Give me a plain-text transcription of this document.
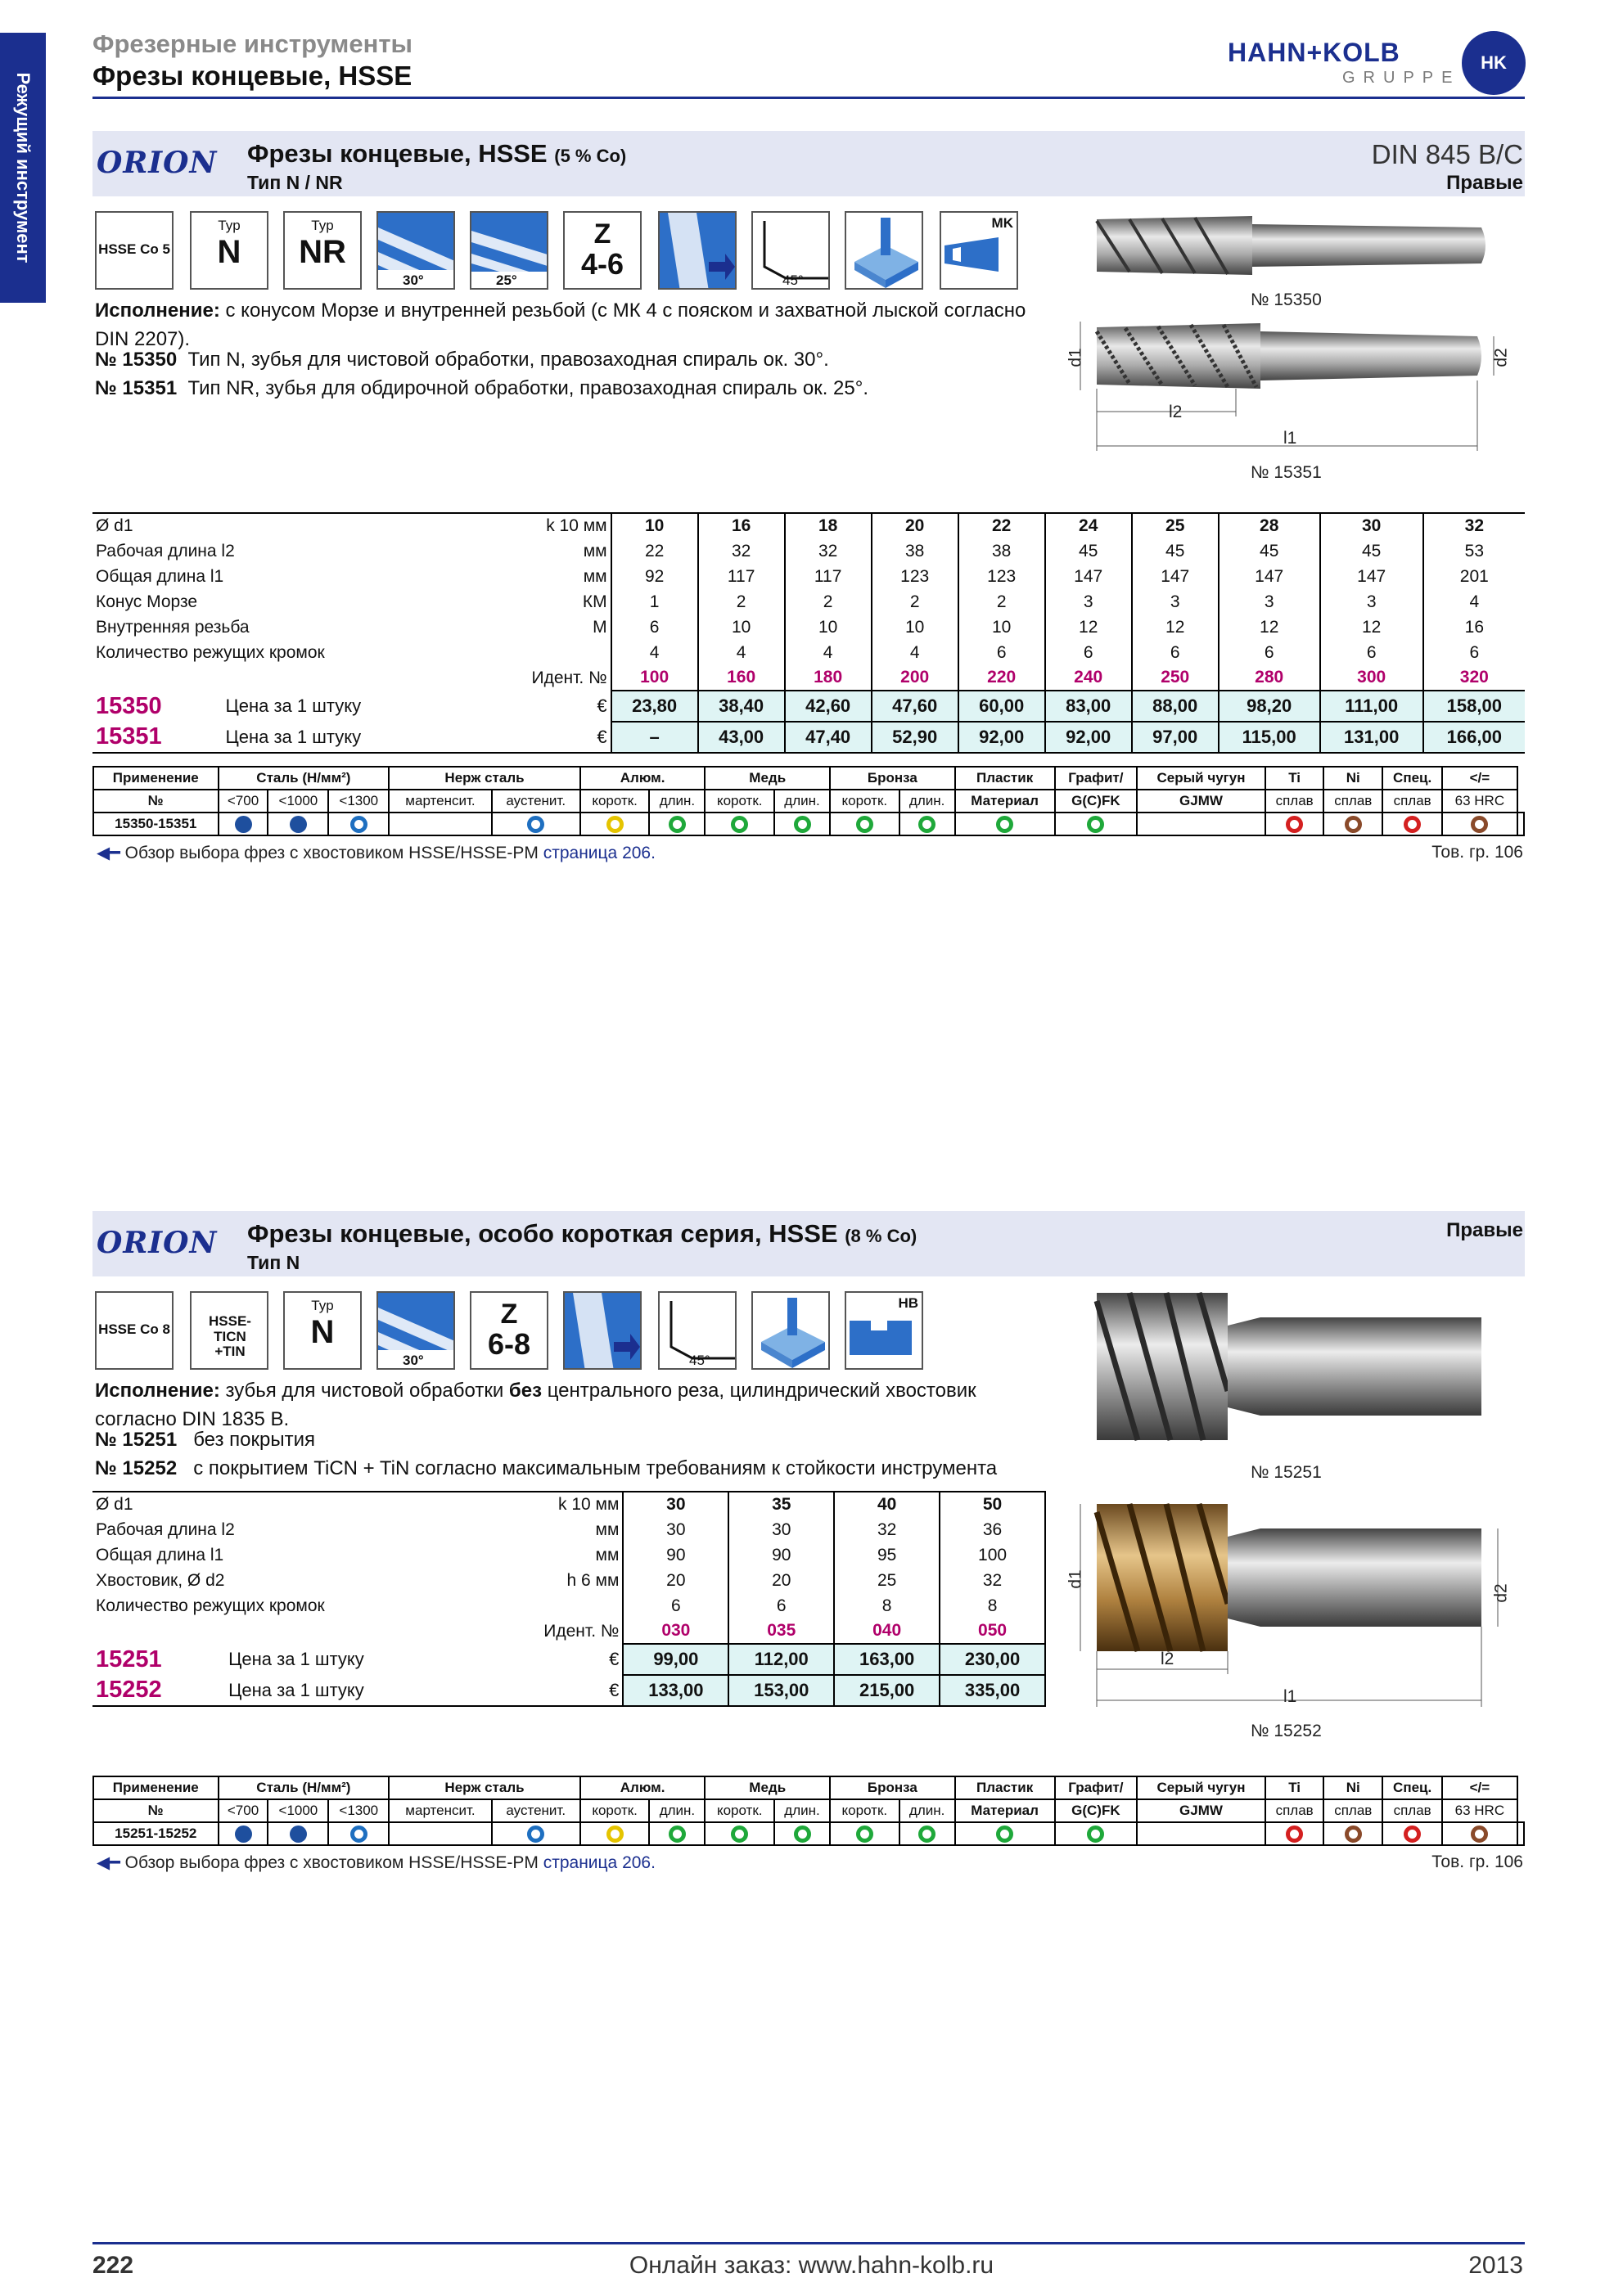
Режущий инструмент
Фрезерные инструменты
Фрезы концевые, HSSE
HAHN+KOLB
GRUPPE
HK
ORION Фрезы концевые, HSSE (5 % Co)
Тип N / NR
DIN 845 B/C
Правые
HSSE Co 5
Typ
N
Typ
NR
30°	25°
Z
4-6	45°
MK
№ 15350
d1	d2
l2
l1
№ 15351
Исполнение: с конусом Морзе и внутренней резьбой (с МК 4 с пояском и захватной лыской согласно DIN 2207).
№ 15350 Тип N, зубья для чистовой обработки, правозаходная спираль ок. 30°.
№ 15351 Тип NR, зубья для обдирочной обработки, правозаходная спираль ок. 25°.
Ø d1		k 10 мм	10	16	18	20	22	24	25	28	30	32
Рабочая длина l2		мм	22	32	32	38	38	45	45	45	45	53
Общая длина l1		мм	92	117	117	123	123	147	147	147	147	201
Конус Морзе		КМ	1	2	2	2	2	3	3	3	3	4
Внутренняя резьба		M	6	10	10	10	10	12	12	12	12	16
Количество режущих кромок			4	4	4	4	6	6	6	6	6	6
		Идент. №	100	160	180	200	220	240	250	280	300	320
15350	Цена за 1 штуку	€	23,80	38,40	42,60	47,60	60,00	83,00	88,00	98,20	111,00	158,00
15351	Цена за 1 штуку	€	–	43,00	47,40	52,90	92,00	92,00	97,00	115,00	131,00	166,00
Применение	Сталь (Н/мм²)			Нерж сталь		Алюм.		Медь		Бронза		Пластик	Графит/	Серый чугун	Ti	Ni	Спец.	</=	
№	<700	<1000	<1300	мартенсит.	аустенит.	коротк.	длин.	коротк.	длин.	коротк.	длин.	Материал	G(C)FK	GJMW	сплав	сплав	сплав	63 HRC	
15350-15351																			
◀━ Обзор выбора фрез с хвостовиком HSSE/HSSE-PM страница 206.	Тов. гр. 106
ORION Фрезы концевые, особо короткая серия, HSSE (8 % Co)
Тип N
Правые
HSSE Co 8
HSSE-TICN +TIN
Typ
N
30°
Z
6-8	45°
HB
№ 15251
d1
d2
l2
l1
№ 15252
Исполнение: зубья для чистовой обработки без центрального реза, цилиндрический хвостовик согласно DIN 1835 B.
№ 15251 без покрытия
№ 15252 с покрытием TiCN + TiN согласно максимальным требованиям к стойкости инструмента
Ø d1		k 10 мм	30	35	40	50
Рабочая длина l2		мм	30	30	32	36
Общая длина l1		мм	90	90	95	100
Хвостовик, Ø d2		h 6 мм	20	20	25	32
Количество режущих кромок			6	6	8	8
		Идент. №	030	035	040	050
15251	Цена за 1 штуку	€	99,00	112,00	163,00	230,00
15252	Цена за 1 штуку	€	133,00	153,00	215,00	335,00
Применение	Сталь (Н/мм²)			Нерж сталь		Алюм.		Медь		Бронза		Пластик	Графит/	Серый чугун	Ti	Ni	Спец.	</=	
№	<700	<1000	<1300	мартенсит.	аустенит.	коротк.	длин.	коротк.	длин.	коротк.	длин.	Материал	G(C)FK	GJMW	сплав	сплав	сплав	63 HRC	
15251-15252																			
◀━ Обзор выбора фрез с хвостовиком HSSE/HSSE-PM страница 206.	Тов. гр. 106
222	Онлайн заказ: www.hahn-kolb.ru	2013
